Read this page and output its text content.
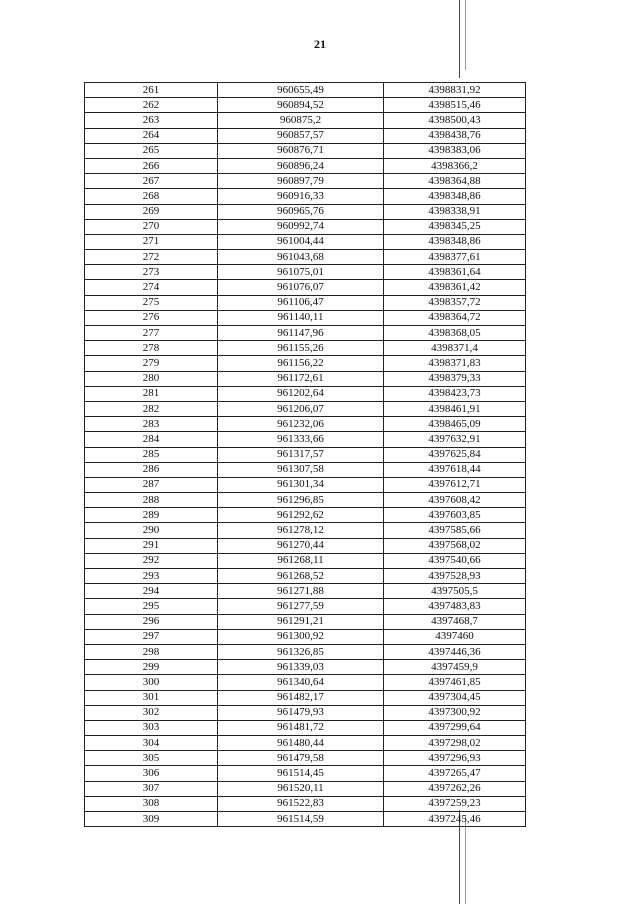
21
261	960655,49	4398831,92
262	960894,52	4398515,46
263	960875,2	4398500,43
264	960857,57	4398438,76
265	960876,71	4398383,06
266	960896,24	4398366,2
267	960897,79	4398364,88
268	960916,33	4398348,86
269	960965,76	4398338,91
270	960992,74	4398345,25
271	961004,44	4398348,86
272	961043,68	4398377,61
273	961075,01	4398361,64
274	961076,07	4398361,42
275	961106,47	4398357,72
276	961140,11	4398364,72
277	961147,96	4398368,05
278	961155,26	4398371,4
279	961156,22	4398371,83
280	961172,61	4398379,33
281	961202,64	4398423,73
282	961206,07	4398461,91
283	961232,06	4398465,09
284	961333,66	4397632,91
285	961317,57	4397625,84
286	961307,58	4397618,44
287	961301,34	4397612,71
288	961296,85	4397608,42
289	961292,62	4397603,85
290	961278,12	4397585,66
291	961270,44	4397568,02
292	961268,11	4397540,66
293	961268,52	4397528,93
294	961271,88	4397505,5
295	961277,59	4397483,83
296	961291,21	4397468,7
297	961300,92	4397460
298	961326,85	4397446,36
299	961339,03	4397459,9
300	961340,64	4397461,85
301	961482,17	4397304,45
302	961479,93	4397300,92
303	961481,72	4397299,64
304	961480,44	4397298,02
305	961479,58	4397296,93
306	961514,45	4397265,47
307	961520,11	4397262,26
308	961522,83	4397259,23
309	961514,59	4397245,46
